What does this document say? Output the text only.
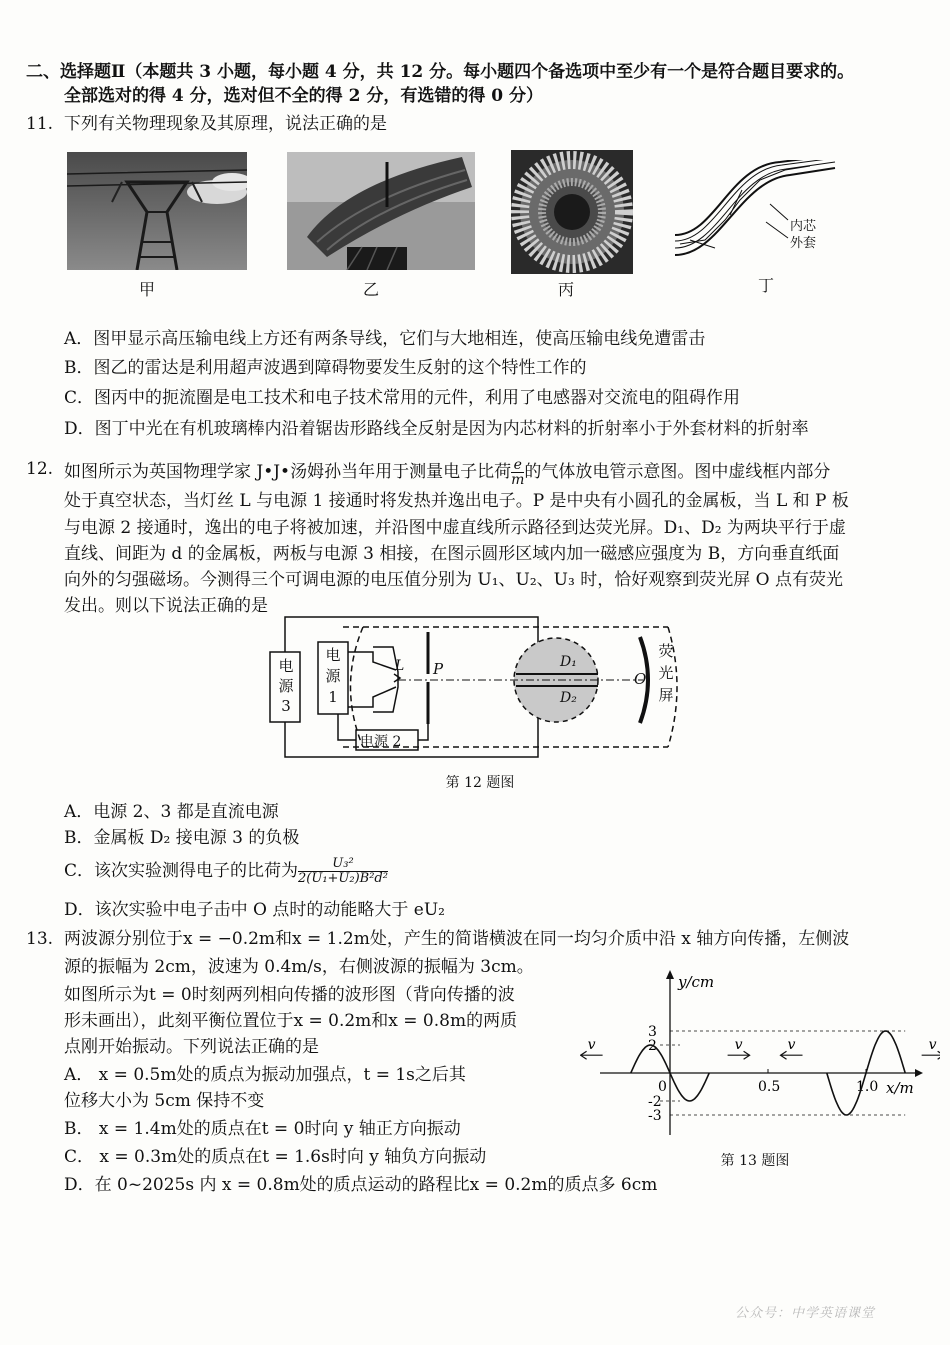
二、选择题Ⅱ（本题共 3 小题，每小题 4 分，共 12 分。每小题四个备选项中至少有一个是符合题目要求的。
全部选对的得 4 分，选对但不全的得 2 分，有选错的得 0 分）
11. 下列有关物理现象及其原理，说法正确的是
甲	乙	丙
内芯
外套
丁
A．图甲显示高压输电线上方还有两条导线，它们与大地相连，使高压输电线免遭雷击
B．图乙的雷达是利用超声波遇到障碍物要发生反射的这个特性工作的
C．图丙中的扼流圈是电工技术和电子技术常用的元件，利用了电感器对交流电的阻碍作用
D．图丁中光在有机玻璃棒内沿着锯齿形路线全反射是因为内芯材料的折射率小于外套材料的折射率
12. 如图所示为英国物理学家 J•J•汤姆孙当年用于测量电子比荷 $\frac{e}{m}$ 的气体放电管示意图。图中虚线框内部分
处于真空状态，当灯丝 L 与电源 1 接通时将发热并逸出电子。P 是中央有小圆孔的金属板，当 L 和 P 板
与电源 2 接通时，逸出的电子将被加速，并沿图中虚直线所示路径到达荧光屏。D₁、D₂ 为两块平行于虚
直线、间距为 d 的金属板，两板与电源 3 相接，在图示圆形区域内加一磁感应强度为 B，方向垂直纸面
向外的匀强磁场。今测得三个可调电源的电压值分别为 U₁、U₂、U₃ 时，恰好观察到荧光屏 O 点有荧光
发出。则以下说法正确的是
电
源
3
电
源
1
电源 2
L P	D₁
D₂
O
荧
光
屏
第 12 题图
A．电源 2、3 都是直流电源
B．金属板 D₂ 接电源 3 的负极
C．该次实验测得电子的比荷为 $\frac{\text{U₃²}}{\text{2(U₁+U₂)B²d²}}$
D．该次实验中电子击中 O 点时的动能略大于 eU₂
13. 两波源分别位于x = −0.2m和x = 1.2m处，产生的简谐横波在同一均匀介质中沿 x 轴方向传播，左侧波
源的振幅为 2cm，波速为 0.4m/s，右侧波源的振幅为 3cm。
如图所示为t = 0时刻两列相向传播的波形图（背向传播的波
形未画出），此刻平衡位置位于x = 0.2m和x = 0.8m的两质
点刚开始振动。下列说法正确的是
A． x = 0.5m处的质点为振动加强点，t = 1s之后其
位移大小为 5cm 保持不变
B． x = 1.4m处的质点在t = 0时向 y 轴正方向振动
C． x = 0.3m处的质点在t = 1.6s时向 y 轴负方向振动
D．在 0~2025s 内 x = 0.8m处的质点运动的路程比x = 0.2m的质点多 6cm
y/cm
x/m
3
2
-2
-3
0	0.5	1.0
v	v	v	v
第 13 题图
公众号：中学英语课堂
